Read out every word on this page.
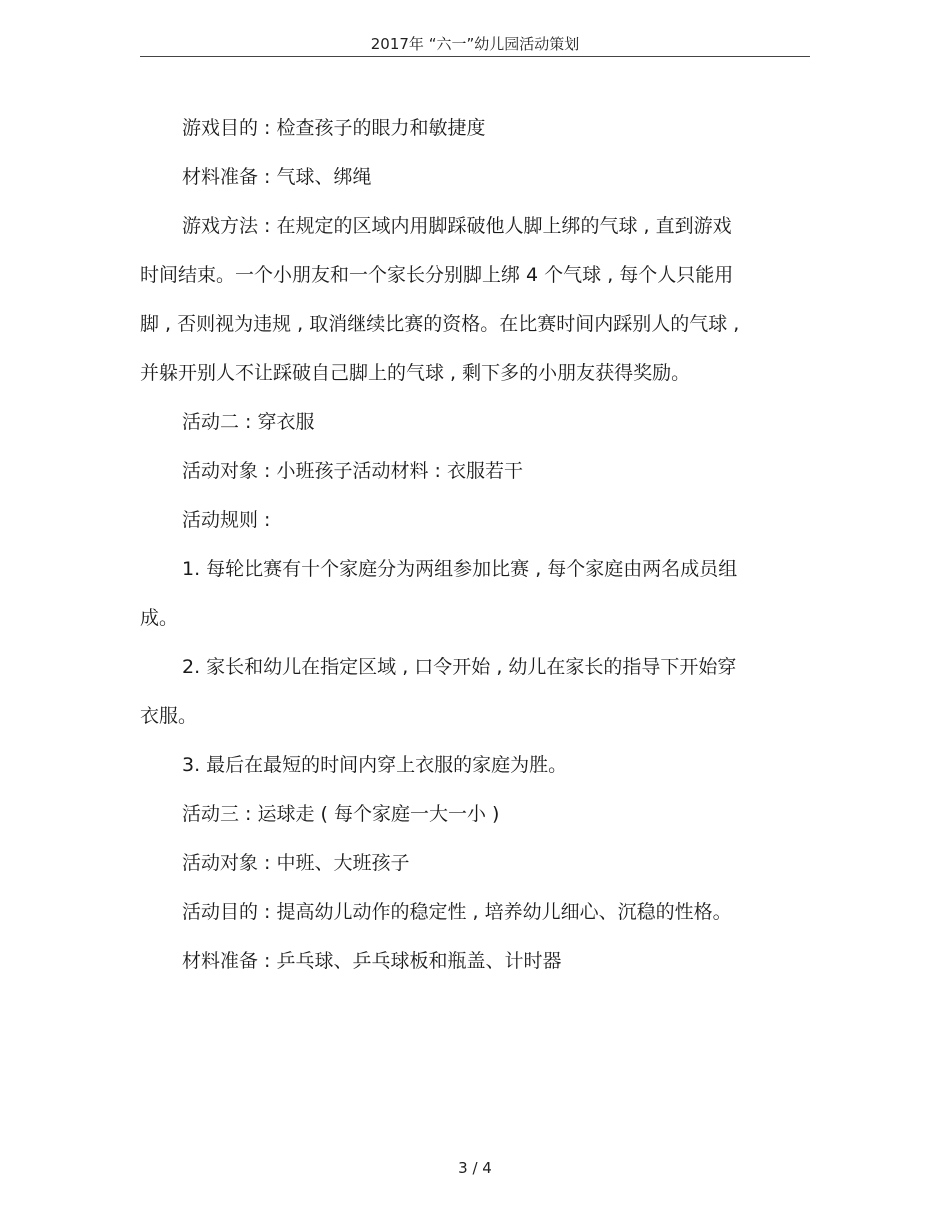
2017年 “六一”幼儿园活动策划
游戏目的 : 检查孩子的眼力和敏捷度
材料准备 : 气球、绑绳
游戏方法 : 在规定的区域内用脚踩破他人脚上绑的气球 , 直到游戏
时间结束。一个小朋友和一个家长分别脚上绑 4 个气球 , 每个人只能用
脚 , 否则视为违规 , 取消继续比赛的资格。在比赛时间内踩别人的气球 ,
并躲开别人不让踩破自己脚上的气球 , 剩下多的小朋友获得奖励。
活动二 : 穿衣服
活动对象 : 小班孩子活动材料 : 衣服若干
活动规则 :
1. 每轮比赛有十个家庭分为两组参加比赛 , 每个家庭由两名成员组
成。
2. 家长和幼儿在指定区域 , 口令开始 , 幼儿在家长的指导下开始穿
衣服。
3. 最后在最短的时间内穿上衣服的家庭为胜。
活动三 : 运球走 ( 每个家庭一大一小 )
活动对象 : 中班、大班孩子
活动目的 : 提高幼儿动作的稳定性 , 培养幼儿细心、沉稳的性格。
材料准备 : 乒乓球、乒乓球板和瓶盖、计时器
3 / 4
